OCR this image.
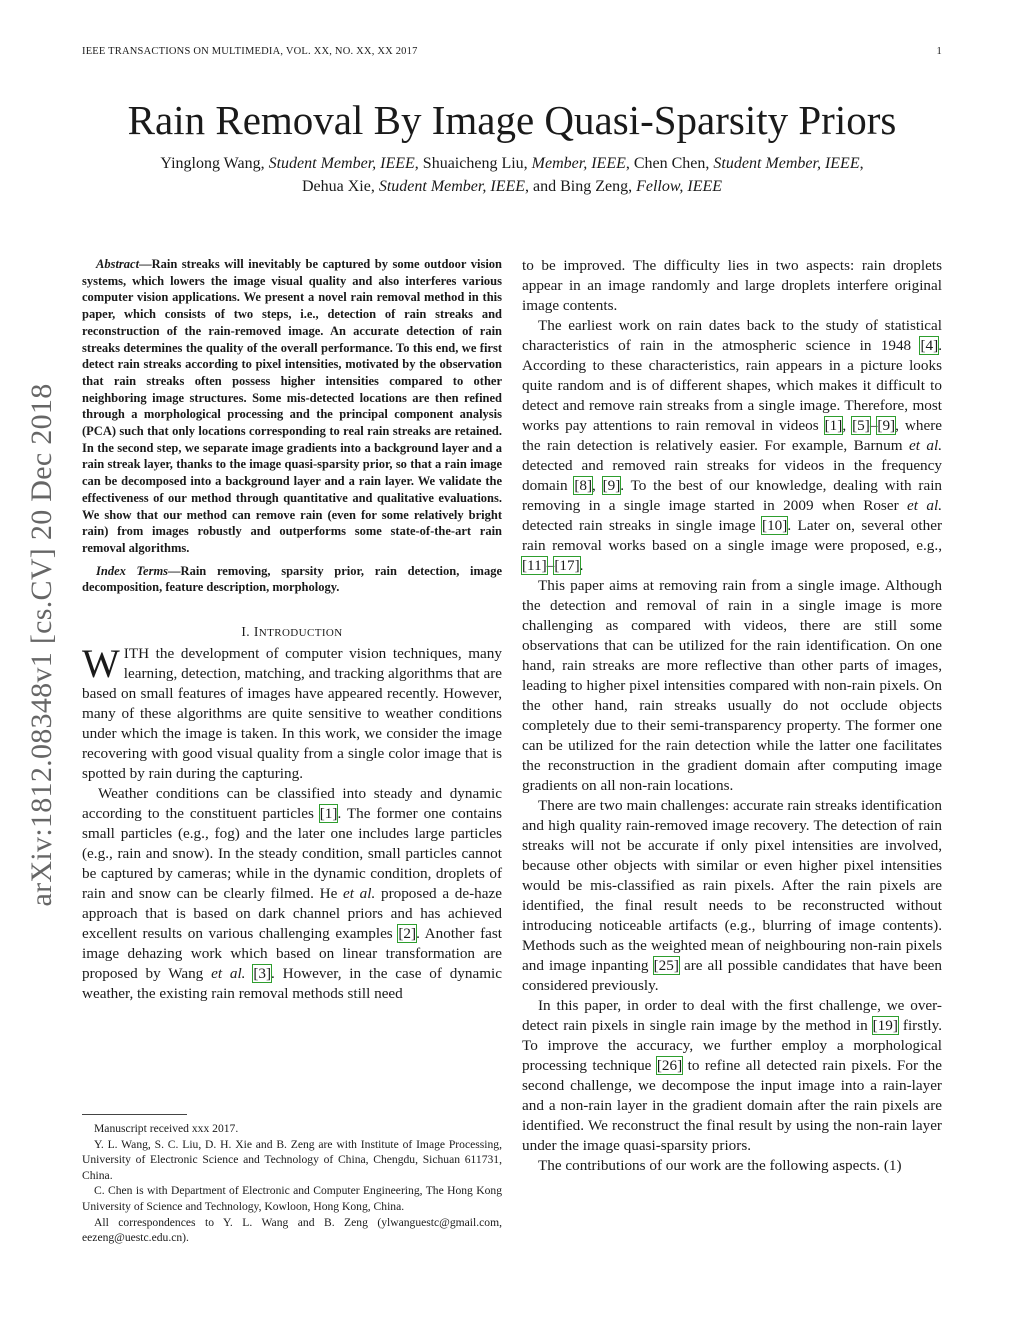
IEEE TRANSACTIONS ON MULTIMEDIA, VOL. XX, NO. XX, XX 2017	1
arXiv:1812.08348v1 [cs.CV] 20 Dec 2018
Rain Removal By Image Quasi-Sparsity Priors
Yinglong Wang, Student Member, IEEE, Shuaicheng Liu, Member, IEEE, Chen Chen, Student Member, IEEE,
Dehua Xie, Student Member, IEEE, and Bing Zeng, Fellow, IEEE

Abstract—Rain streaks will inevitably be captured by some outdoor vision systems, which lowers the image visual quality and also interferes various computer vision applications. We present a novel rain removal method in this paper, which consists of two steps, i.e., detection of rain streaks and reconstruction of the rain-removed image. An accurate detection of rain streaks determines the quality of the overall performance. To this end, we first detect rain streaks according to pixel intensities, motivated by the observation that rain streaks often possess higher intensities compared to other neighboring image structures. Some mis-detected locations are then refined through a morphological processing and the principal component analysis (PCA) such that only locations corresponding to real rain streaks are retained. In the second step, we separate image gradients into a background layer and a rain streak layer, thanks to the image quasi-sparsity prior, so that a rain image can be decomposed into a background layer and a rain layer. We validate the effectiveness of our method through quantitative and qualitative evaluations. We show that our method can remove rain (even for some relatively bright rain) from images robustly and outperforms some state-of-the-art rain removal algorithms.

Index Terms—Rain removing, sparsity prior, rain detection, image decomposition, feature description, morphology.

I. INTRODUCTION

WITH the development of computer vision techniques, many learning, detection, matching, and tracking algorithms that are based on small features of images have appeared recently. However, many of these algorithms are quite sensitive to weather conditions under which the image is taken. In this work, we consider the image recovering with good visual quality from a single color image that is spotted by rain during the capturing.

Weather conditions can be classified into steady and dynamic according to the constituent particles [1]. The former one contains small particles (e.g., fog) and the later one includes large particles (e.g., rain and snow). In the steady condition, small particles cannot be captured by cameras; while in the dynamic condition, droplets of rain and snow can be clearly filmed. He et al. proposed a de-haze approach that is based on dark channel priors and has achieved excellent results on various challenging examples [2]. Another fast image dehazing work which based on linear transformation are proposed by Wang et al. [3]. However, in the case of dynamic weather, the existing rain removal methods still need

Manuscript received xxx 2017.

Y. L. Wang, S. C. Liu, D. H. Xie and B. Zeng are with Institute of Image Processing, University of Electronic Science and Technology of China, Chengdu, Sichuan 611731, China.

C. Chen is with Department of Electronic and Computer Engineering, The Hong Kong University of Science and Technology, Kowloon, Hong Kong, China.

All correspondences to Y. L. Wang and B. Zeng (ylwanguestc@gmail.com, eezeng@uestc.edu.cn).

to be improved. The difficulty lies in two aspects: rain droplets appear in an image randomly and large droplets interfere original image contents.

The earliest work on rain dates back to the study of statistical characteristics of rain in the atmospheric science in 1948 [4]. According to these characteristics, rain appears in a picture looks quite random and is of different shapes, which makes it difficult to detect and remove rain streaks from a single image. Therefore, most works pay attentions to rain removal in videos [1], [5]–[9], where the rain detection is relatively easier. For example, Barnum et al. detected and removed rain streaks for videos in the frequency domain [8], [9]. To the best of our knowledge, dealing with rain removing in a single image started in 2009 when Roser et al. detected rain streaks in single image [10]. Later on, several other rain removal works based on a single image were proposed, e.g., [11]–[17].

This paper aims at removing rain from a single image. Although the detection and removal of rain in a single image is more challenging as compared with videos, there are still some observations that can be utilized for the rain identification. On one hand, rain streaks are more reflective than other parts of images, leading to higher pixel intensities compared with non-rain pixels. On the other hand, rain streaks usually do not occlude objects completely due to their semi-transparency property. The former one can be utilized for the rain detection while the latter one facilitates the reconstruction in the gradient domain after computing image gradients on all non-rain locations.

There are two main challenges: accurate rain streaks identification and high quality rain-removed image recovery. The detection of rain streaks will not be accurate if only pixel intensities are involved, because other objects with similar or even higher pixel intensities would be mis-classified as rain pixels. After the rain pixels are identified, the final result needs to be reconstructed without introducing noticeable artifacts (e.g., blurring of image contents). Methods such as the weighted mean of neighbouring non-rain pixels and image inpanting [25] are all possible candidates that have been considered previously.

In this paper, in order to deal with the first challenge, we over-detect rain pixels in single rain image by the method in [19] firstly. To improve the accuracy, we further employ a morphological processing technique [26] to refine all detected rain pixels. For the second challenge, we decompose the input image into a rain-layer and a non-rain layer in the gradient domain after the rain pixels are identified. We reconstruct the final result by using the non-rain layer under the image quasi-sparsity priors.

The contributions of our work are the following aspects. (1)
